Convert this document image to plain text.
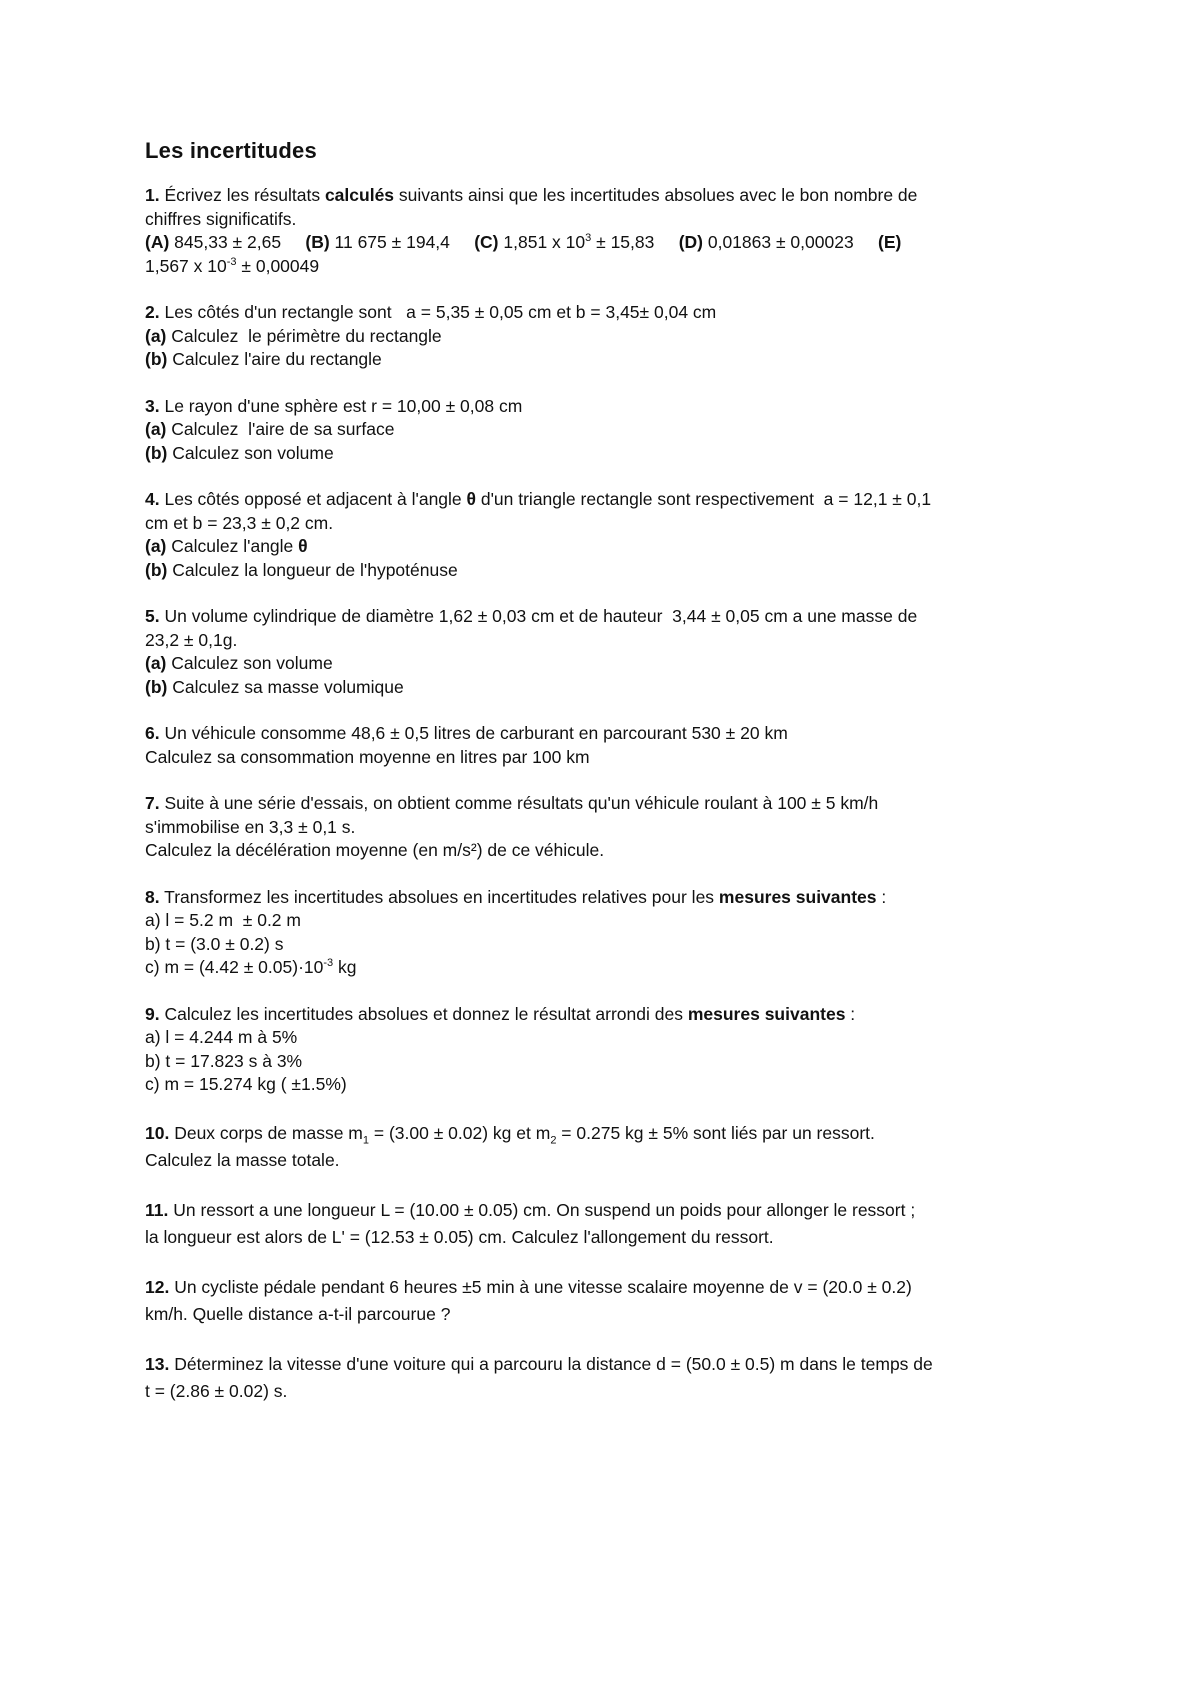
Les incertitudes
1. Écrivez les résultats calculés suivants ainsi que les incertitudes absolues avec le bon nombre de
chiffres significatifs.
(A) 845,33 ± 2,65 (B) 11 675 ± 194,4 (C) 1,851 x $10^3 \pm 15,83$ (D) 0,01863 ± 0,00023 (E)
1,567 x $10^{-3} \pm 0,00049$
2. Les côtés d'un rectangle sont   a = 5,35 ± 0,05 cm et b = 3,45± 0,04 cm
(a) Calculez  le périmètre du rectangle
(b) Calculez l'aire du rectangle
3. Le rayon d'une sphère est r = 10,00 ± 0,08 cm
(a) Calculez  l'aire de sa surface
(b) Calculez son volume
4. Les côtés opposé et adjacent à l'angle θ d'un triangle rectangle sont respectivement  a = 12,1 ± 0,1
cm et b = 23,3 ± 0,2 cm.
(a) Calculez l'angle θ
(b) Calculez la longueur de l'hypoténuse
5. Un volume cylindrique de diamètre 1,62 ± 0,03 cm et de hauteur  3,44 ± 0,05 cm a une masse de
23,2 ± 0,1g.
(a) Calculez son volume
(b) Calculez sa masse volumique
6. Un véhicule consomme 48,6 ± 0,5 litres de carburant en parcourant 530 ± 20 km
Calculez sa consommation moyenne en litres par 100 km
7. Suite à une série d'essais, on obtient comme résultats qu'un véhicule roulant à 100 ± 5 km/h
s'immobilise en 3,3 ± 0,1 s.
Calculez la décélération moyenne (en m/s²) de ce véhicule.
8. Transformez les incertitudes absolues en incertitudes relatives pour les mesures suivantes :
a) l = 5.2 m  ± 0.2 m
b) t = (3.0 ± 0.2) s
c) $m = (4.42 \pm 0.05)\cdot 10^{-3}$ kg
9. Calculez les incertitudes absolues et donnez le résultat arrondi des mesures suivantes :
a) l = 4.244 m à 5%
b) t = 17.823 s à 3%
c) m = 15.274 kg ( ±1.5%)
10. Deux corps de masse $m_1 = (3.00 \pm 0.02)$ kg et $m_2 = 0.275$ kg ± 5% sont liés par un ressort.
Calculez la masse totale.
11. Un ressort a une longueur L = (10.00 ± 0.05) cm. On suspend un poids pour allonger le ressort ;
la longueur est alors de L' = (12.53 ± 0.05) cm. Calculez l'allongement du ressort.
12. Un cycliste pédale pendant 6 heures ±5 min à une vitesse scalaire moyenne de v = (20.0 ± 0.2)
km/h. Quelle distance a-t-il parcourue ?
13. Déterminez la vitesse d'une voiture qui a parcouru la distance d = (50.0 ± 0.5) m dans le temps de
t = (2.86 ± 0.02) s.
